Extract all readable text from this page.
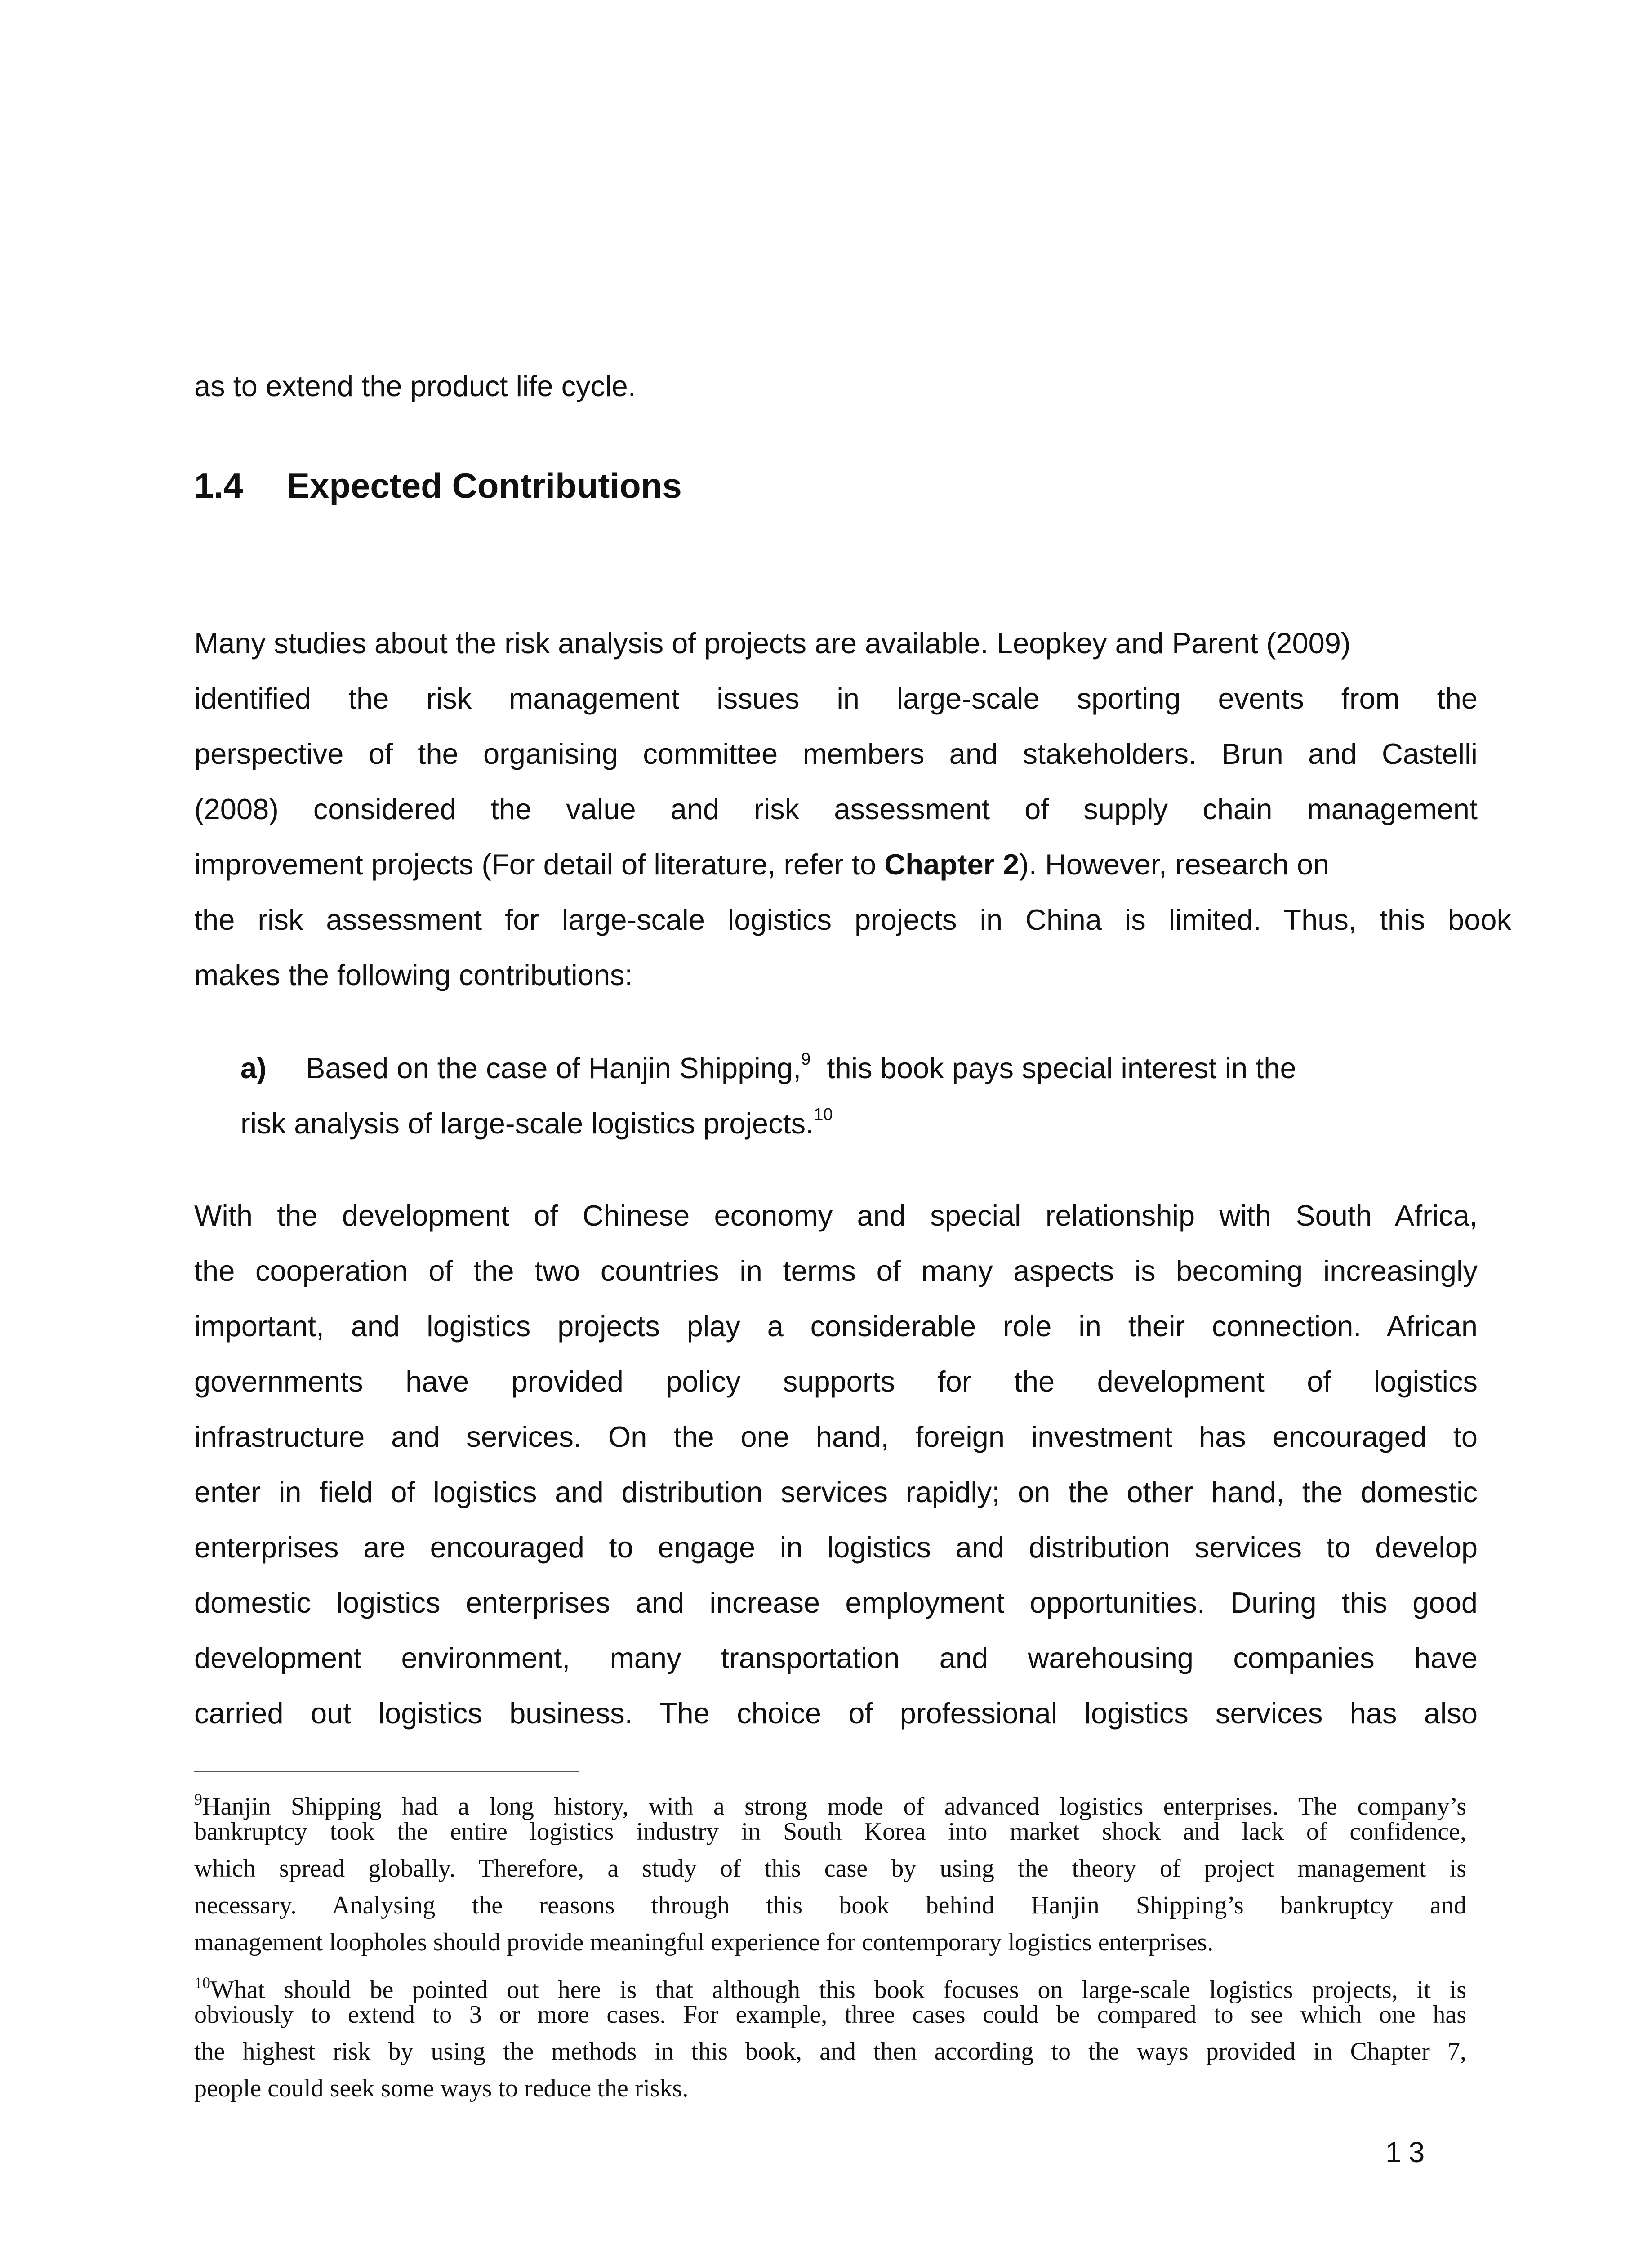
as to extend the product life cycle.
1.4 Expected Contributions
Many studies about the risk analysis of projects are available. Leopkey and Parent (2009)
identified the risk management issues in large-scale sporting events from the
perspective of the organising committee members and stakeholders. Brun and Castelli
(2008) considered the value and risk assessment of supply chain management
improvement projects (For detail of literature, refer to Chapter 2). However, research on
the risk assessment for large-scale logistics projects in China is limited. Thus, this book
makes the following contributions:
a) Based on the case of Hanjin Shipping,$^9$ this book pays special interest in the
risk analysis of large-scale logistics projects.$^{10}$
With the development of Chinese economy and special relationship with South Africa,
the cooperation of the two countries in terms of many aspects is becoming increasingly
important, and logistics projects play a considerable role in their connection. African
governments have provided policy supports for the development of logistics
infrastructure and services. On the one hand, foreign investment has encouraged to
enter in field of logistics and distribution services rapidly; on the other hand, the domestic
enterprises are encouraged to engage in logistics and distribution services to develop
domestic logistics enterprises and increase employment opportunities. During this good
development environment, many transportation and warehousing companies have
carried out logistics business. The choice of professional logistics services has also
$^9$Hanjin Shipping had a long history, with a strong mode of advanced logistics enterprises. The company’s
bankruptcy took the entire logistics industry in South Korea into market shock and lack of confidence,
which spread globally. Therefore, a study of this case by using the theory of project management is
necessary. Analysing the reasons through this book behind Hanjin Shipping’s bankruptcy and
management loopholes should provide meaningful experience for contemporary logistics enterprises.
$^{10}$What should be pointed out here is that although this book focuses on large-scale logistics projects, it is
obviously to extend to 3 or more cases. For example, three cases could be compared to see which one has
the highest risk by using the methods in this book, and then according to the ways provided in Chapter 7,
people could seek some ways to reduce the risks.
13
